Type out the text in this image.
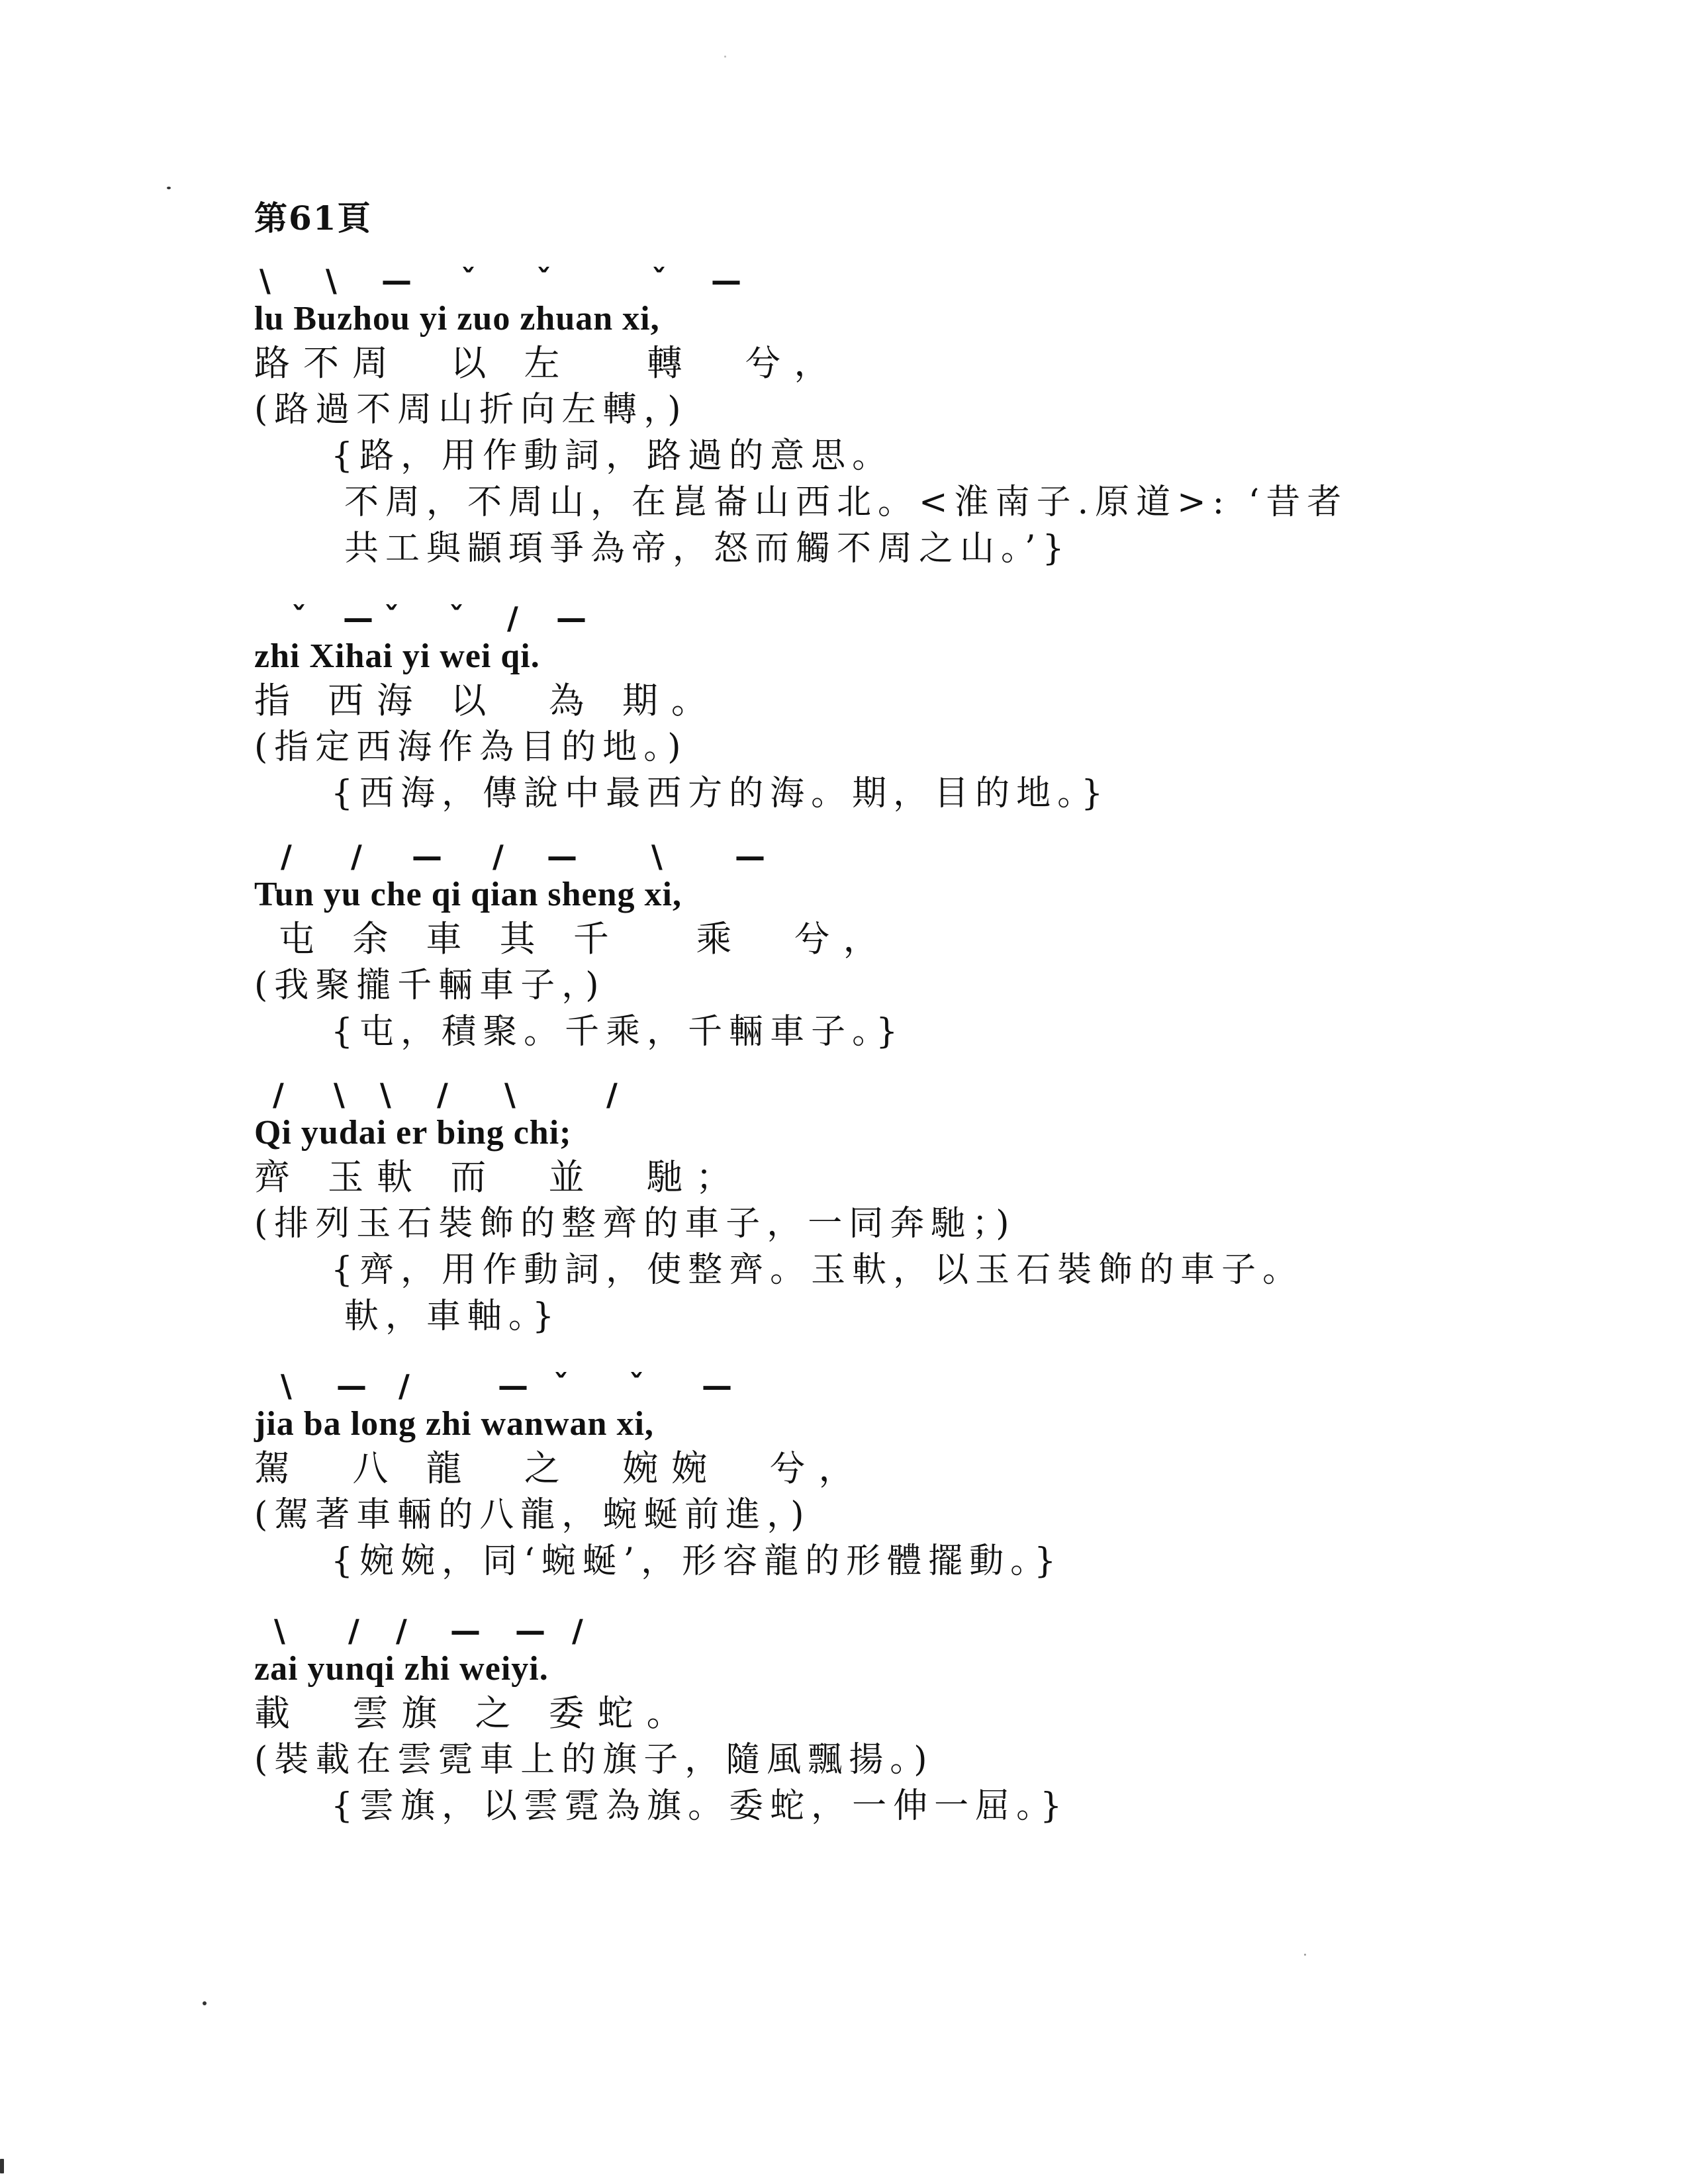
第61頁
\ \ — ˇ ˇ	ˇ —
lu Buzhou yi zuo zhuan xi,
路不周  以 左   轉  兮，
(路過不周山折向左轉，)
{路，用作動詞，路過的意思。
不周，不周山，在崑崙山西北。<淮南子.原道>: ‘昔者
共工與顓頊爭為帝，怒而觸不周之山。’}
ˇ — ˇ ˇ / —
zhi Xihai yi wei qi.
指 西海 以  為 期。
(指定西海作為目的地。)
{西海，傳說中最西方的海。期，目的地。}
/ / — / — \ —
Tun yu che qi qian sheng xi,
屯 余 車 其 千   乘  兮，
(我聚攏千輛車子，)
{屯，積聚。千乘，千輛車子。}
/ \ \ / \	/
Qi yudai er bing chi;
齊 玉軑 而  並  馳；
(排列玉石裝飾的整齊的車子，一同奔馳；)
{齊，用作動詞，使整齊。玉軑，以玉石裝飾的車子。
軑，車軸。}
\ — /	— ˇ ˇ —
jia ba long zhi wanwan xi,
駕  八 龍  之  婉婉  兮，
(駕著車輛的八龍，蜿蜒前進，)
{婉婉，同‘蜿蜒’，形容龍的形體擺動。}
\ / / — — /
zai yunqi zhi weiyi.
載  雲旗 之 委蛇。
(裝載在雲霓車上的旗子，隨風飄揚。)
{雲旗，以雲霓為旗。委蛇，一伸一屈。}
